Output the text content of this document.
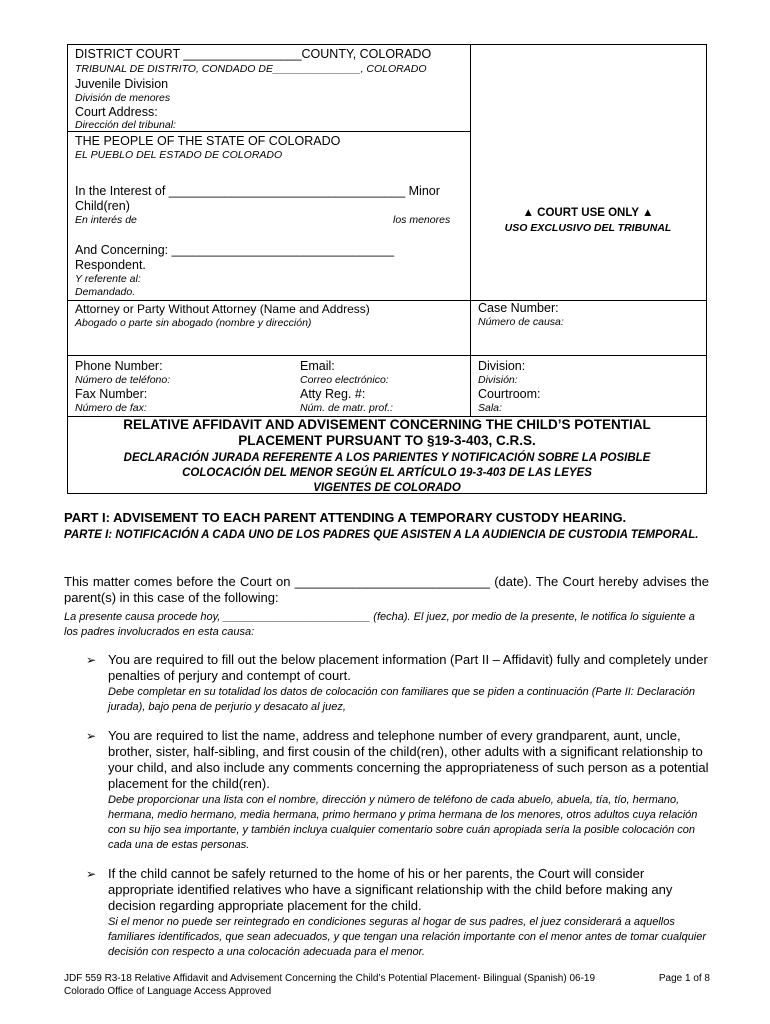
DISTRICT COURT _________________COUNTY, COLORADO
TRIBUNAL DE DISTRITO, CONDADO DE_______________, COLORADO
Juvenile Division
División de menores
Court Address:
Dirección del tribunal:
THE PEOPLE OF THE STATE OF COLORADO
EL PUEBLO DEL ESTADO DE COLORADO
In the Interest of __________________________________ Minor
Child(ren)
En interés de	los menores
And Concerning: ________________________________
Respondent.
Y referente al:
Demandado.
Attorney or Party Without Attorney (Name and Address)
Abogado o parte sin abogado (nombre y dirección)
Phone Number:
Número de teléfono:
Fax Number:
Número de fax:
Email:
Correo electrónico:
Atty Reg. #:
Núm. de matr. prof.:
▲ COURT USE ONLY ▲
USO EXCLUSIVO DEL TRIBUNAL
Case Number:
Número de causa:
Division:
División:
Courtroom:
Sala:
RELATIVE AFFIDAVIT AND ADVISEMENT CONCERNING THE CHILD’S POTENTIAL
PLACEMENT PURSUANT TO §19-3-403, C.R.S.
DECLARACIÓN JURADA REFERENTE A LOS PARIENTES Y NOTIFICACIÓN SOBRE LA POSIBLE
COLOCACIÓN DEL MENOR SEGÚN EL ARTÍCULO 19-3-403 DE LAS LEYES
VIGENTES DE COLORADO
PART I: ADVISEMENT TO EACH PARENT ATTENDING A TEMPORARY CUSTODY HEARING.
PARTE I: NOTIFICACIÓN A CADA UNO DE LOS PADRES QUE ASISTEN A LA AUDIENCIA DE CUSTODIA TEMPORAL.
This matter comes before the Court on ___________________________ (date). The Court hereby advises the parent(s) in this case of the following:
La presente causa procede hoy, ________________________ (fecha). El juez, por medio de la presente, le notifica lo siguiente a los padres involucrados en esta causa:
➢ You are required to fill out the below placement information (Part II – Affidavit) fully and completely under penalties of perjury and contempt of court.
Debe completar en su totalidad los datos de colocación con familiares que se piden a continuación (Parte II: Declaración jurada), bajo pena de perjurio y desacato al juez,
➢ You are required to list the name, address and telephone number of every grandparent, aunt, uncle, brother, sister, half-sibling, and first cousin of the child(ren), other adults with a significant relationship to your child, and also include any comments concerning the appropriateness of such person as a potential placement for the child(ren).
Debe proporcionar una lista con el nombre, dirección y número de teléfono de cada abuelo, abuela, tía, tío, hermano, hermana, medio hermano, media hermana, primo hermano y prima hermana de los menores, otros adultos cuya relación con su hijo sea importante, y también incluya cualquier comentario sobre cuán apropiada sería la posible colocación con cada una de estas personas.
➢ If the child cannot be safely returned to the home of his or her parents, the Court will consider appropriate identified relatives who have a significant relationship with the child before making any decision regarding appropriate placement for the child.
Si el menor no puede ser reintegrado en condiciones seguras al hogar de sus padres, el juez considerará a aquellos familiares identificados, que sean adecuados, y que tengan una relación importante con el menor antes de tomar cualquier decisión con respecto a una colocación adecuada para el menor.
JDF 559 R3-18 Relative Affidavit and Advisement Concerning the Child’s Potential Placement- Bilingual (Spanish) 06-19
Colorado Office of Language Access Approved
Page 1 of 8
